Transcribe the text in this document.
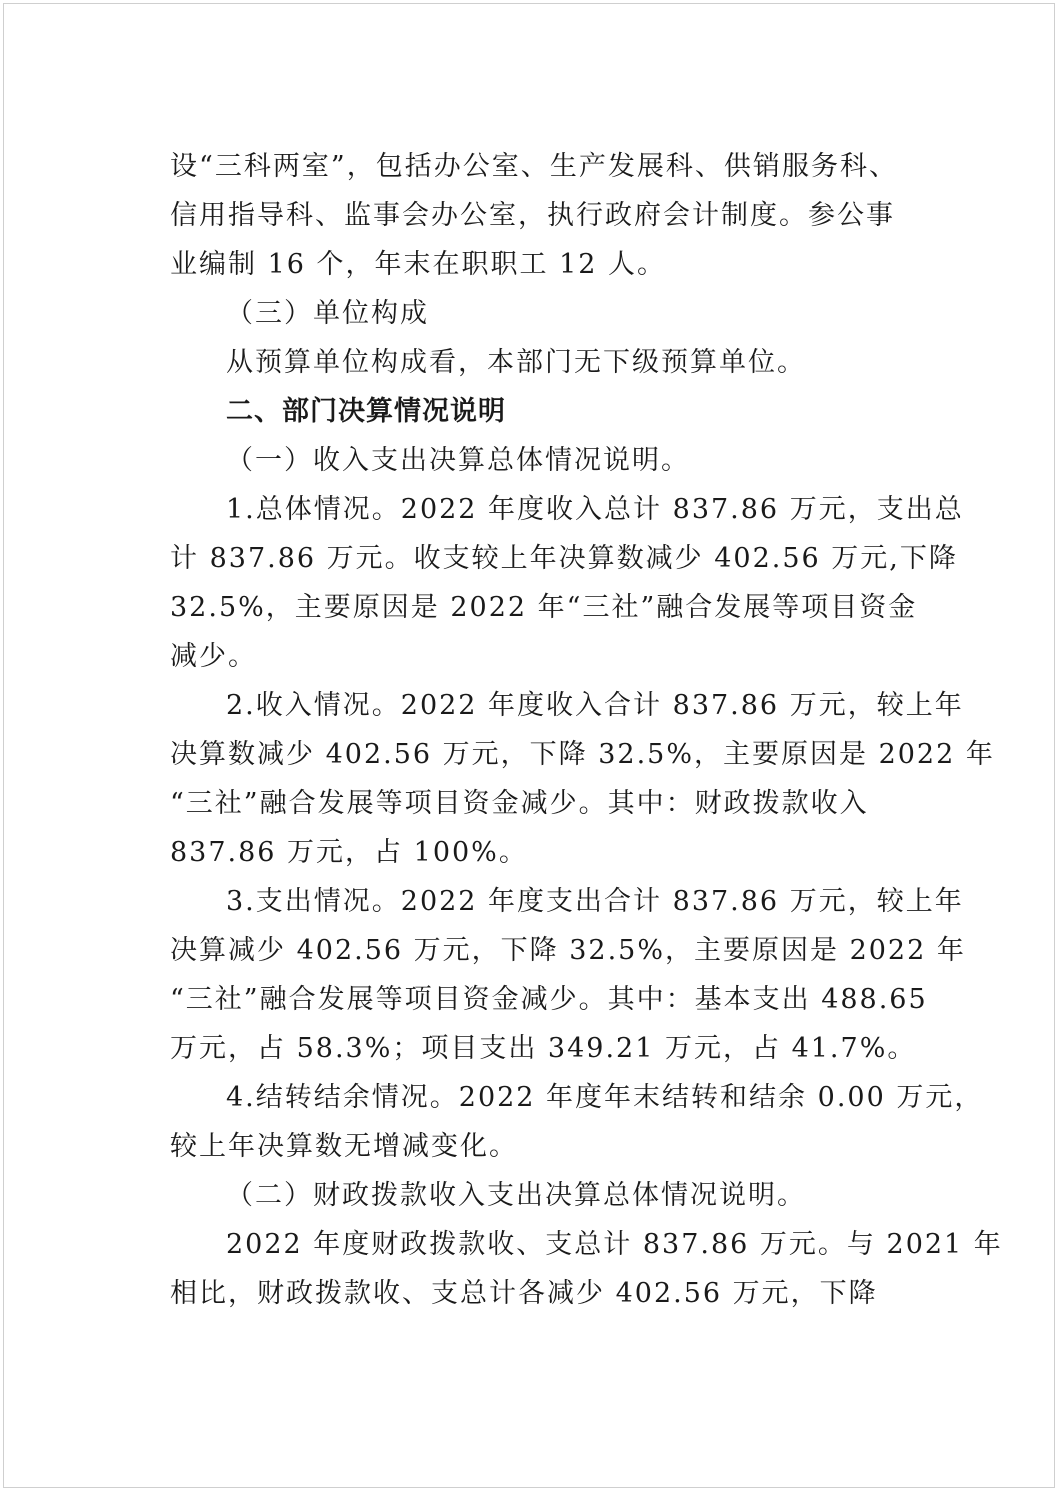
设“三科两室”，包括办公室、生产发展科、供销服务科、
信用指导科、监事会办公室，执行政府会计制度。参公事
业编制 16 个，年末在职职工 12 人。
（三）单位构成
从预算单位构成看，本部门无下级预算单位。
二、部门决算情况说明
（一）收入支出决算总体情况说明。
1.总体情况。2022 年度收入总计 837.86 万元，支出总
计 837.86 万元。收支较上年决算数减少 402.56 万元,下降
32.5%，主要原因是 2022 年“三社”融合发展等项目资金
减少。
2.收入情况。2022 年度收入合计 837.86 万元，较上年
决算数减少 402.56 万元，下降 32.5%，主要原因是 2022 年
“三社”融合发展等项目资金减少。其中：财政拨款收入
837.86 万元，占 100%。
3.支出情况。2022 年度支出合计 837.86 万元，较上年
决算减少 402.56 万元，下降 32.5%，主要原因是 2022 年
“三社”融合发展等项目资金减少。其中：基本支出 488.65
万元，占 58.3%；项目支出 349.21 万元，占 41.7%。
4.结转结余情况。2022 年度年末结转和结余 0.00 万元，
较上年决算数无增减变化。
（二）财政拨款收入支出决算总体情况说明。
2022 年度财政拨款收、支总计 837.86 万元。与 2021 年
相比，财政拨款收、支总计各减少 402.56 万元，下降
